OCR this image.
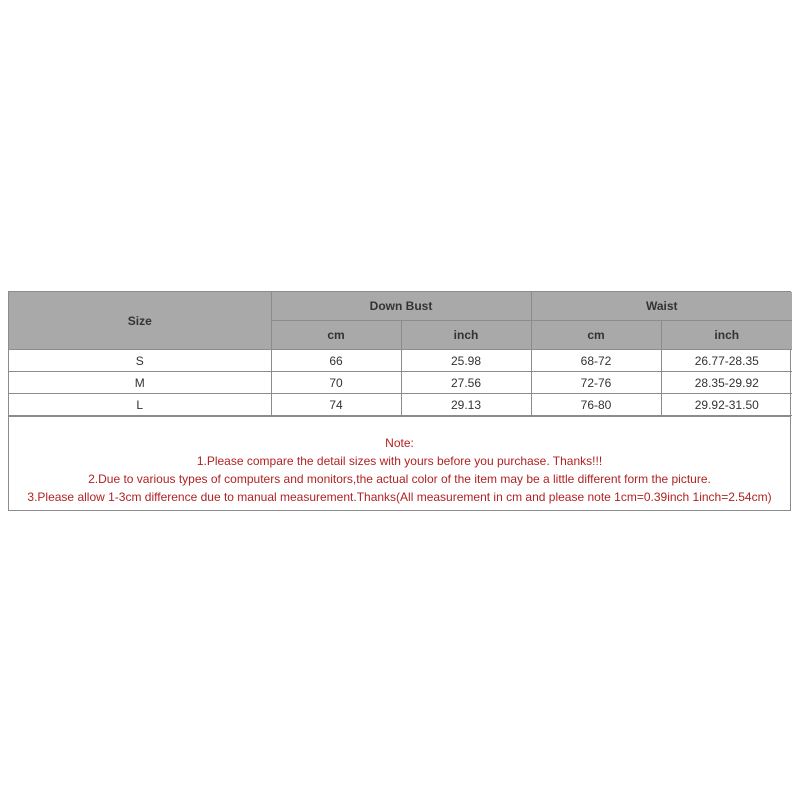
Size	Down Bust		Waist	
	cm	inch	cm	inch
S	66	25.98	68-72	26.77-28.35
M	70	27.56	72-76	28.35-29.92
L	74	29.13	76-80	29.92-31.50
Note:
1.Please compare the detail sizes with yours before you purchase. Thanks!!!
2.Due to various types of computers and monitors,the actual color of the item may be a little different form the picture.
3.Please allow 1-3cm difference due to manual measurement.Thanks(All measurement in cm and please note 1cm=0.39inch 1inch=2.54cm)
